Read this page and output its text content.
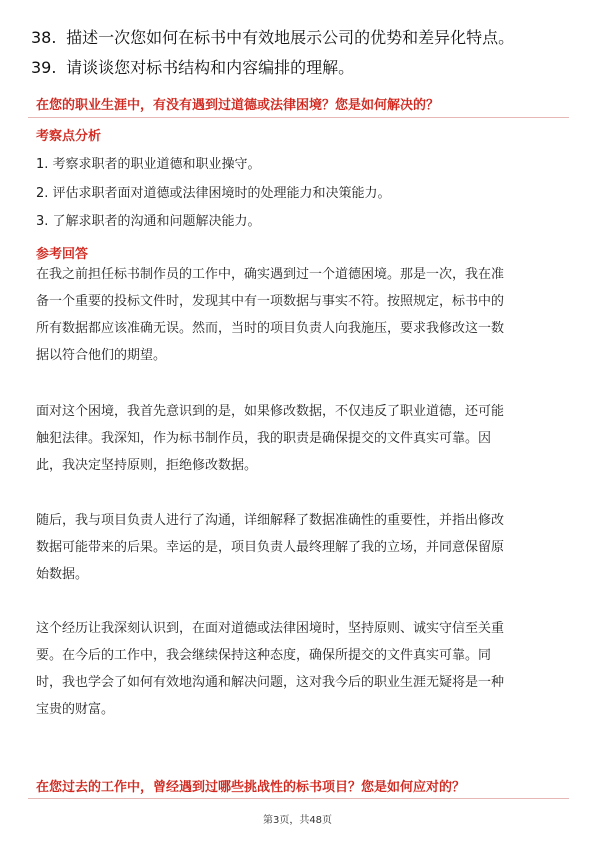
38. 描述一次您如何在标书中有效地展示公司的优势和差异化特点。
39. 请谈谈您对标书结构和内容编排的理解。
在您的职业生涯中，有没有遇到过道德或法律困境？您是如何解决的？
考察点分析
1. 考察求职者的职业道德和职业操守。
2. 评估求职者面对道德或法律困境时的处理能力和决策能力。
3. 了解求职者的沟通和问题解决能力。
参考回答
在我之前担任标书制作员的工作中，确实遇到过一个道德困境。那是一次，我在准
备一个重要的投标文件时，发现其中有一项数据与事实不符。按照规定，标书中的
所有数据都应该准确无误。然而，当时的项目负责人向我施压，要求我修改这一数
据以符合他们的期望。
面对这个困境，我首先意识到的是，如果修改数据，不仅违反了职业道德，还可能
触犯法律。我深知，作为标书制作员，我的职责是确保提交的文件真实可靠。因
此，我决定坚持原则，拒绝修改数据。
随后，我与项目负责人进行了沟通，详细解释了数据准确性的重要性，并指出修改
数据可能带来的后果。幸运的是，项目负责人最终理解了我的立场，并同意保留原
始数据。
这个经历让我深刻认识到，在面对道德或法律困境时，坚持原则、诚实守信至关重
要。在今后的工作中，我会继续保持这种态度，确保所提交的文件真实可靠。同
时，我也学会了如何有效地沟通和解决问题，这对我今后的职业生涯无疑将是一种
宝贵的财富。
在您过去的工作中，曾经遇到过哪些挑战性的标书项目？您是如何应对的？
第3页，共48页
